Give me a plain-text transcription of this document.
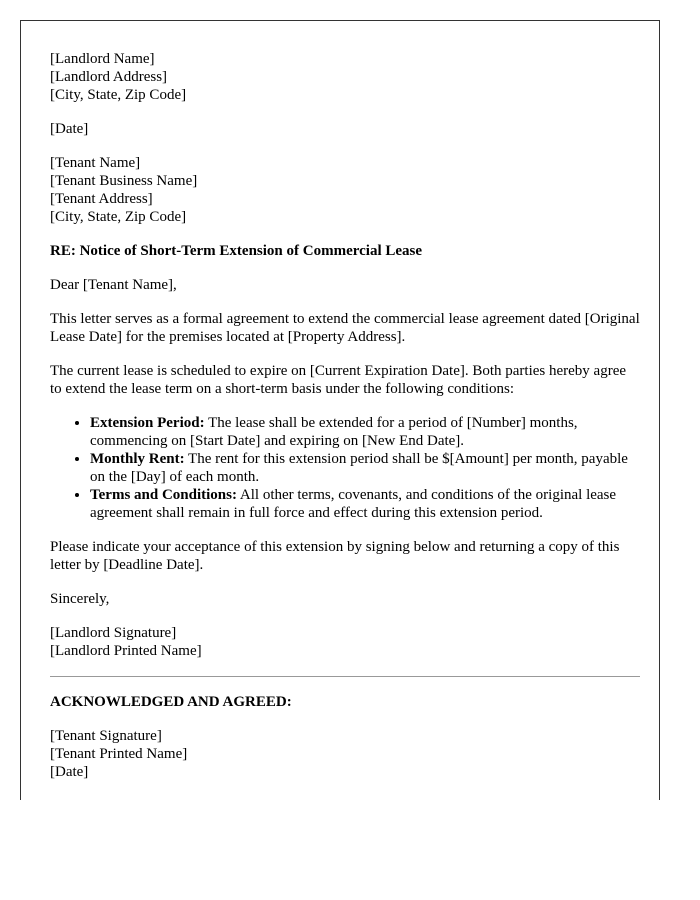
[Landlord Name]
[Landlord Address]
[City, State, Zip Code]
[Date]
[Tenant Name]
[Tenant Business Name]
[Tenant Address]
[City, State, Zip Code]

RE: Notice of Short-Term Extension of Commercial Lease

Dear [Tenant Name],

This letter serves as a formal agreement to extend the commercial lease agreement dated [Original Lease Date] for the premises located at [Property Address].

The current lease is scheduled to expire on [Current Expiration Date]. Both parties hereby agree to extend the lease term on a short-term basis under the following conditions:

• Extension Period: The lease shall be extended for a period of [Number] months, commencing on [Start Date] and expiring on [New End Date].
• Monthly Rent: The rent for this extension period shall be $[Amount] per month, payable on the [Day] of each month.
• Terms and Conditions: All other terms, covenants, and conditions of the original lease agreement shall remain in full force and effect during this extension period.

Please indicate your acceptance of this extension by signing below and returning a copy of this letter by [Deadline Date].

Sincerely,

[Landlord Signature]
[Landlord Printed Name]

ACKNOWLEDGED AND AGREED:

[Tenant Signature]
[Tenant Printed Name]
[Date]
